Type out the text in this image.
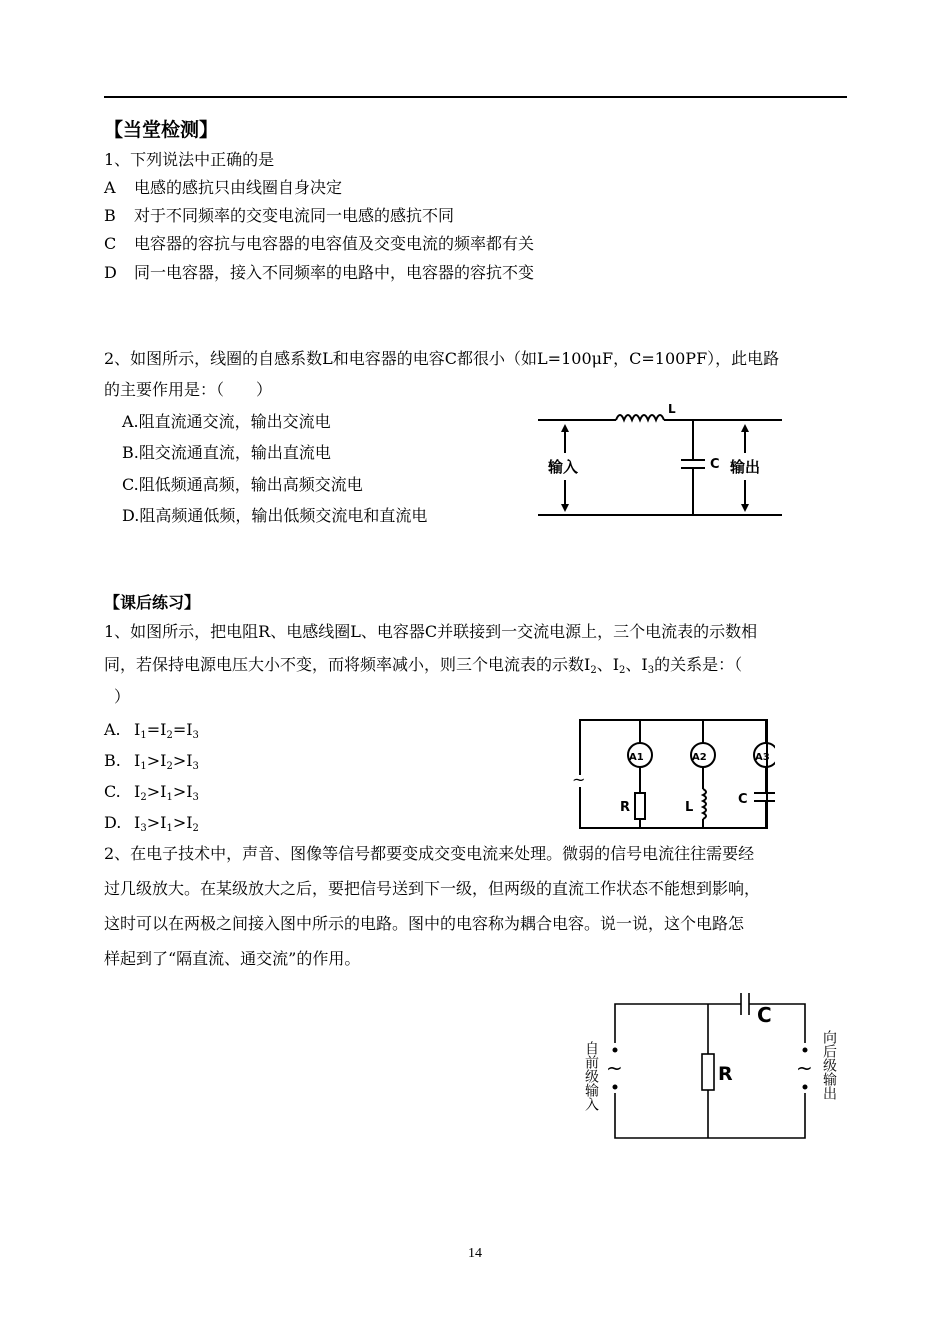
【当堂检测】
1、下列说法中正确的是
A 电感的感抗只由线圈自身决定
B 对于不同频率的交变电流同一电感的感抗不同
C 电容器的容抗与电容器的电容值及交变电流的频率都有关
D 同一电容器，接入不同频率的电路中，电容器的容抗不变
2、如图所示，线圈的自感系数L和电容器的电容C都很小（如L=100μF，C=100PF），此电路
的主要作用是：（　　）
A.阻直流通交流，输出交流电
B.阻交流通直流，输出直流电
C.阻低频通高频，输出高频交流电
D.阻高频通低频，输出低频交流电和直流电
L
C
输入	输出
【课后练习】
1、如图所示，把电阻R、电感线圈L、电容器C并联接到一交流电源上，三个电流表的示数相
同，若保持电源电压大小不变，而将频率减小，则三个电流表的示数$I_2$、$I_2$、$I_3$的关系是：（
）
A. $I_1=I_2=I_3$
B. $I_1>I_2>I_3$
C. $I_2>I_1>I_3$
D. $I_3>I_1>I_2$
~
A1	A2	A3
R	L
C
2、在电子技术中，声音、图像等信号都要变成交变电流来处理。微弱的信号电流往往需要经
过几级放大。在某级放大之后，要把信号送到下一级，但两级的直流工作状态不能想到影响，
这时可以在两极之间接入图中所示的电路。图中的电容称为耦合电容。说一说，这个电路怎
样起到了“隔直流、通交流”的作用。
~	~
C
R
自前级输入	向后级输出
14
